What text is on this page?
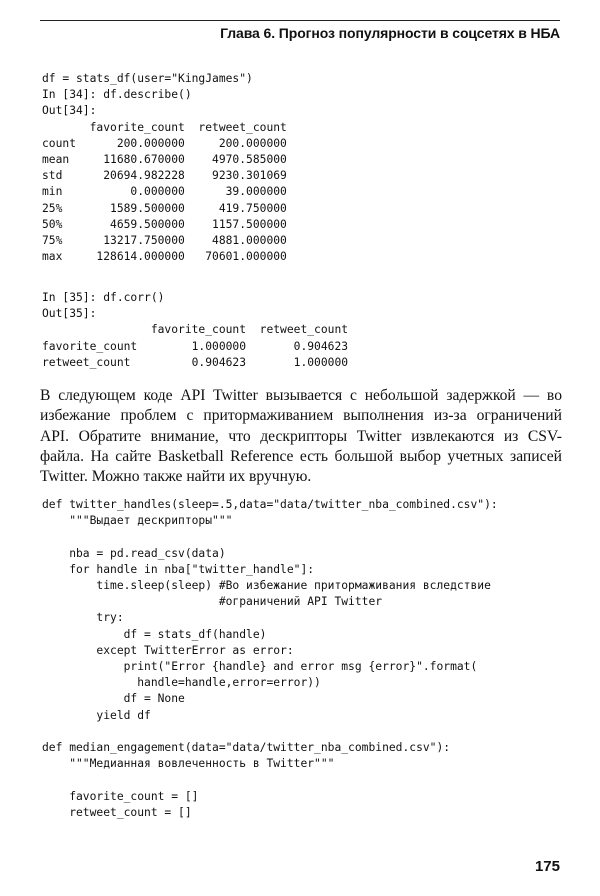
Глава 6. Прогноз популярности в соцсетях в НБА
df = stats_df(user="KingJames")
In [34]: df.describe()
Out[34]:
favorite_count  retweet_count
count      200.000000     200.000000
mean     11680.670000    4970.585000
std      20694.982228    9230.301069
min          0.000000      39.000000
25%       1589.500000     419.750000
50%       4659.500000    1157.500000
75%      13217.750000    4881.000000
max     128614.000000   70601.000000
In [35]: df.corr()
Out[35]:
favorite_count  retweet_count
favorite_count        1.000000       0.904623
retweet_count         0.904623       1.000000
В следующем коде API Twitter вызывается с небольшой задержкой — во
избежание проблем с притормаживанием выполнения из-за ограничений
API. Обратите внимание, что дескрипторы Twitter извлекаются из CSV-
файла. На сайте Basketball Reference есть большой выбор учетных записей
Twitter. Можно также найти их вручную.
def twitter_handles(sleep=.5,data="data/twitter_nba_combined.csv"):
"""Выдает дескрипторы"""

nba = pd.read_csv(data)
for handle in nba["twitter_handle"]:
time.sleep(sleep) #Во избежание притормаживания вследствие
#ограничений API Twitter
try:
df = stats_df(handle)
except TwitterError as error:
print("Error {handle} and error msg {error}".format(
handle=handle,error=error))
df = None
yield df

def median_engagement(data="data/twitter_nba_combined.csv"):
"""Медианная вовлеченность в Twitter"""

favorite_count = []
retweet_count = []
175
